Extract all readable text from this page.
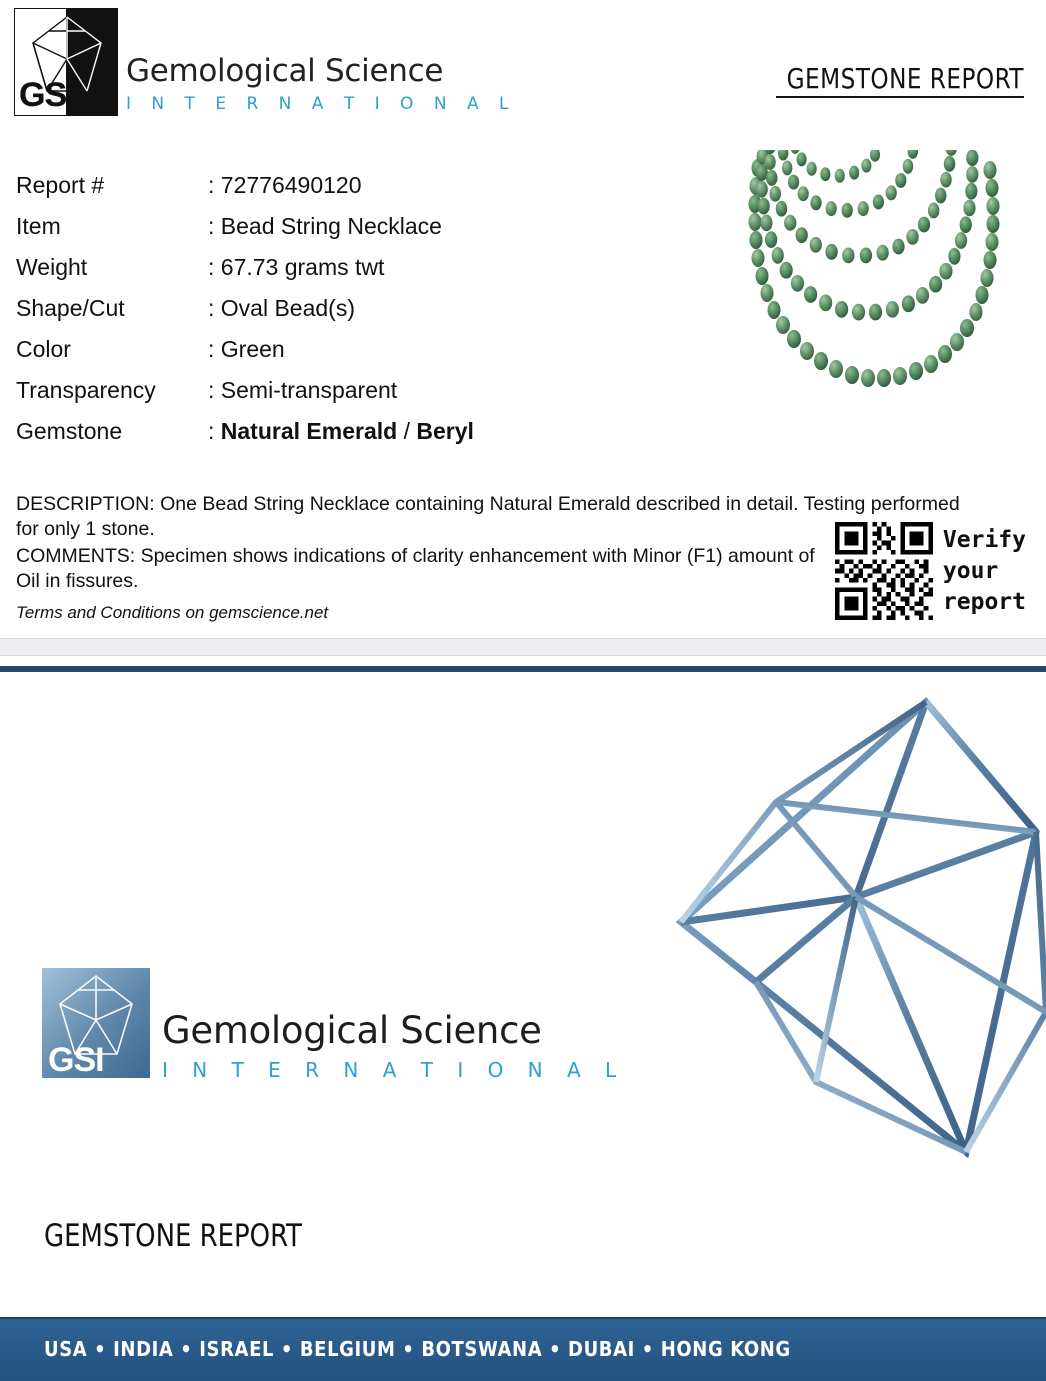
GSI
Gemological Science
I N T E R N A T I O N A L
GEMSTONE REPORT
Report #	: 72776490120
Item	: Bead String Necklace
Weight	: 67.73 grams twt
Shape/Cut	: Oval Bead(s)
Color	: Green
Transparency	: Semi-transparent
Gemstone	: Natural Emerald / Beryl

DESCRIPTION: One Bead String Necklace containing Natural Emerald described in detail. Testing performed for only 1 stone.

COMMENTS: Specimen shows indications of clarity enhancement with Minor (F1) amount of Oil in fissures.

Terms and Conditions on gemscience.net

Verify
your
report
GSI
Gemological Science
I N T E R N A T I O N A L
GEMSTONE REPORT
USA • INDIA • ISRAEL • BELGIUM • BOTSWANA • DUBAI • HONG KONG
